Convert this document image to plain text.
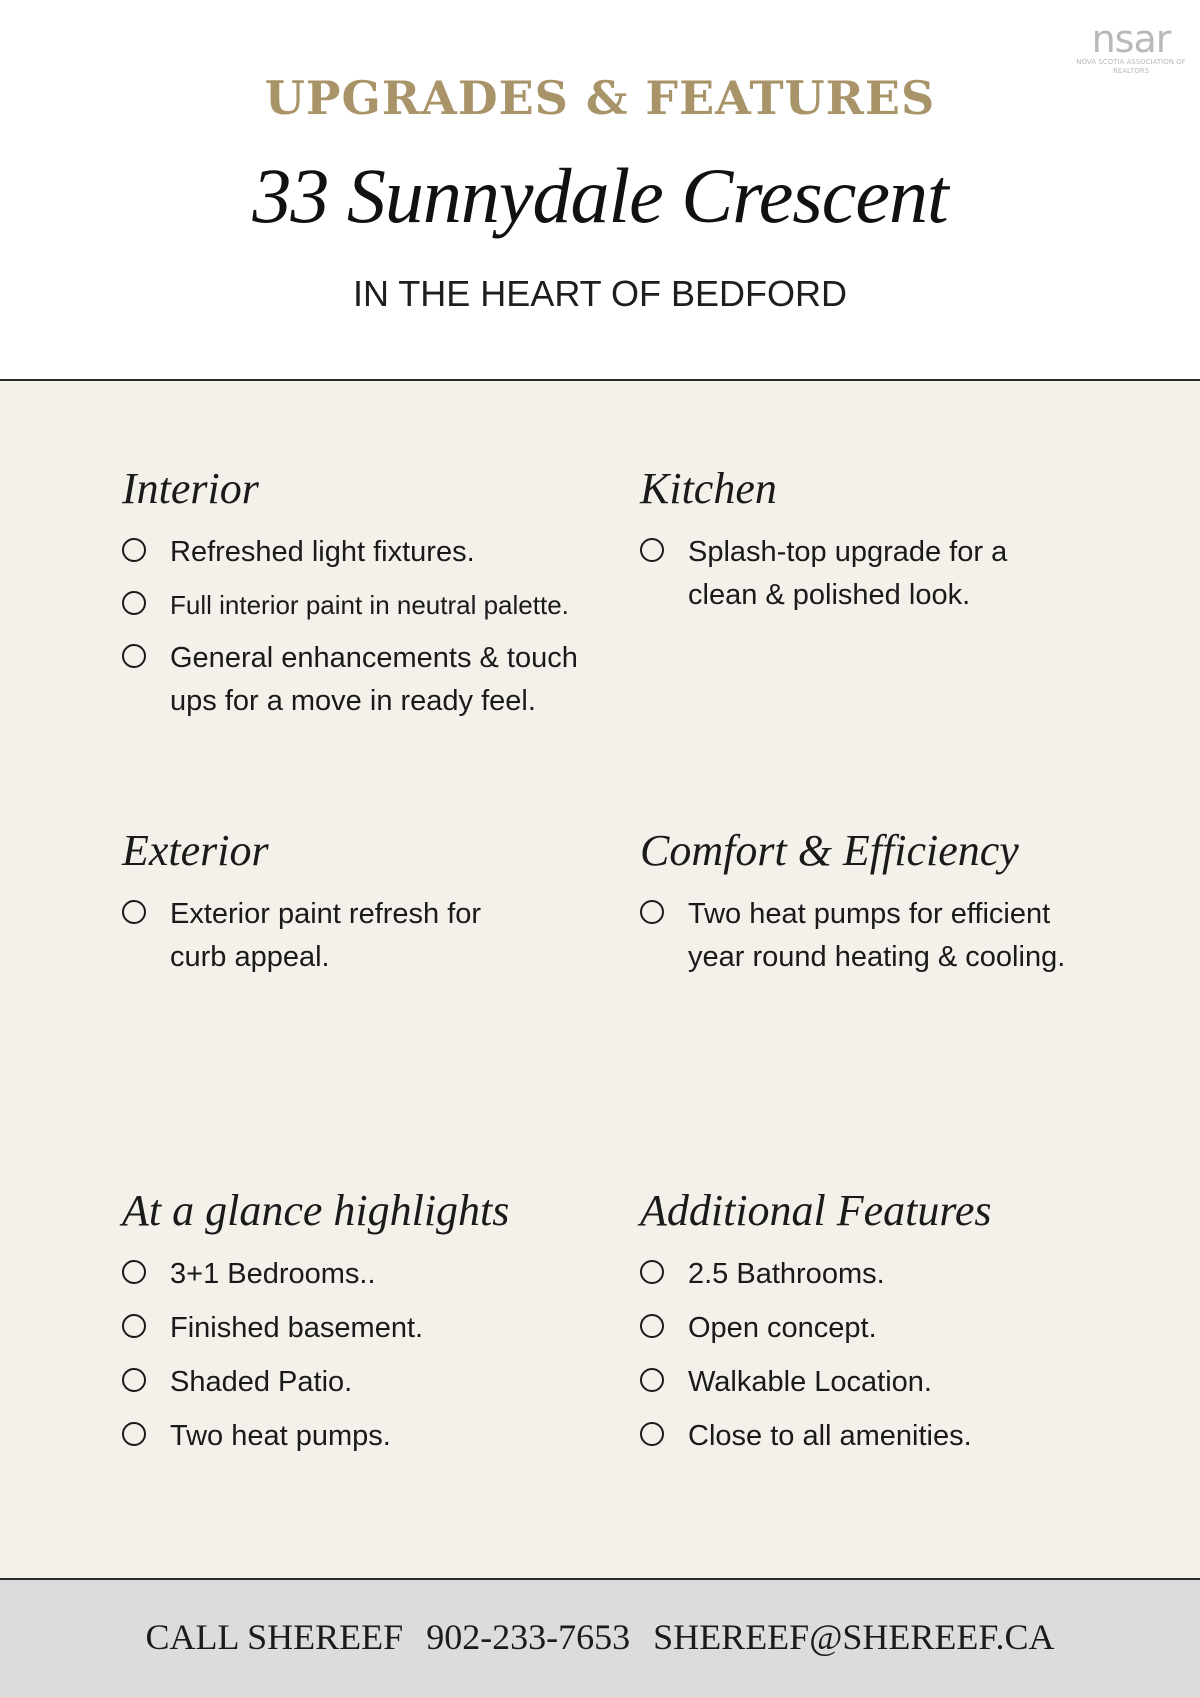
UPGRADES & FEATURES
33 Sunnydale Crescent
IN THE HEART OF BEDFORD
nsar
NOVA SCOTIA ASSOCIATION OF REALTORS
Interior
Refreshed light fixtures.
Full interior paint in neutral palette.
General enhancements & touch ups for a move in ready feel.
Kitchen
Splash-top upgrade for a clean & polished look.
Exterior
Exterior paint refresh for curb appeal.
Comfort & Efficiency
Two heat pumps for efficient year round heating & cooling.
At a glance highlights
3+1 Bedrooms..
Finished basement.
Shaded Patio.
Two heat pumps.
Additional Features
2.5 Bathrooms.
Open concept.
Walkable Location.
Close to all amenities.
CALL SHEREEF 902-233-7653 SHEREEF@SHEREEF.CA
